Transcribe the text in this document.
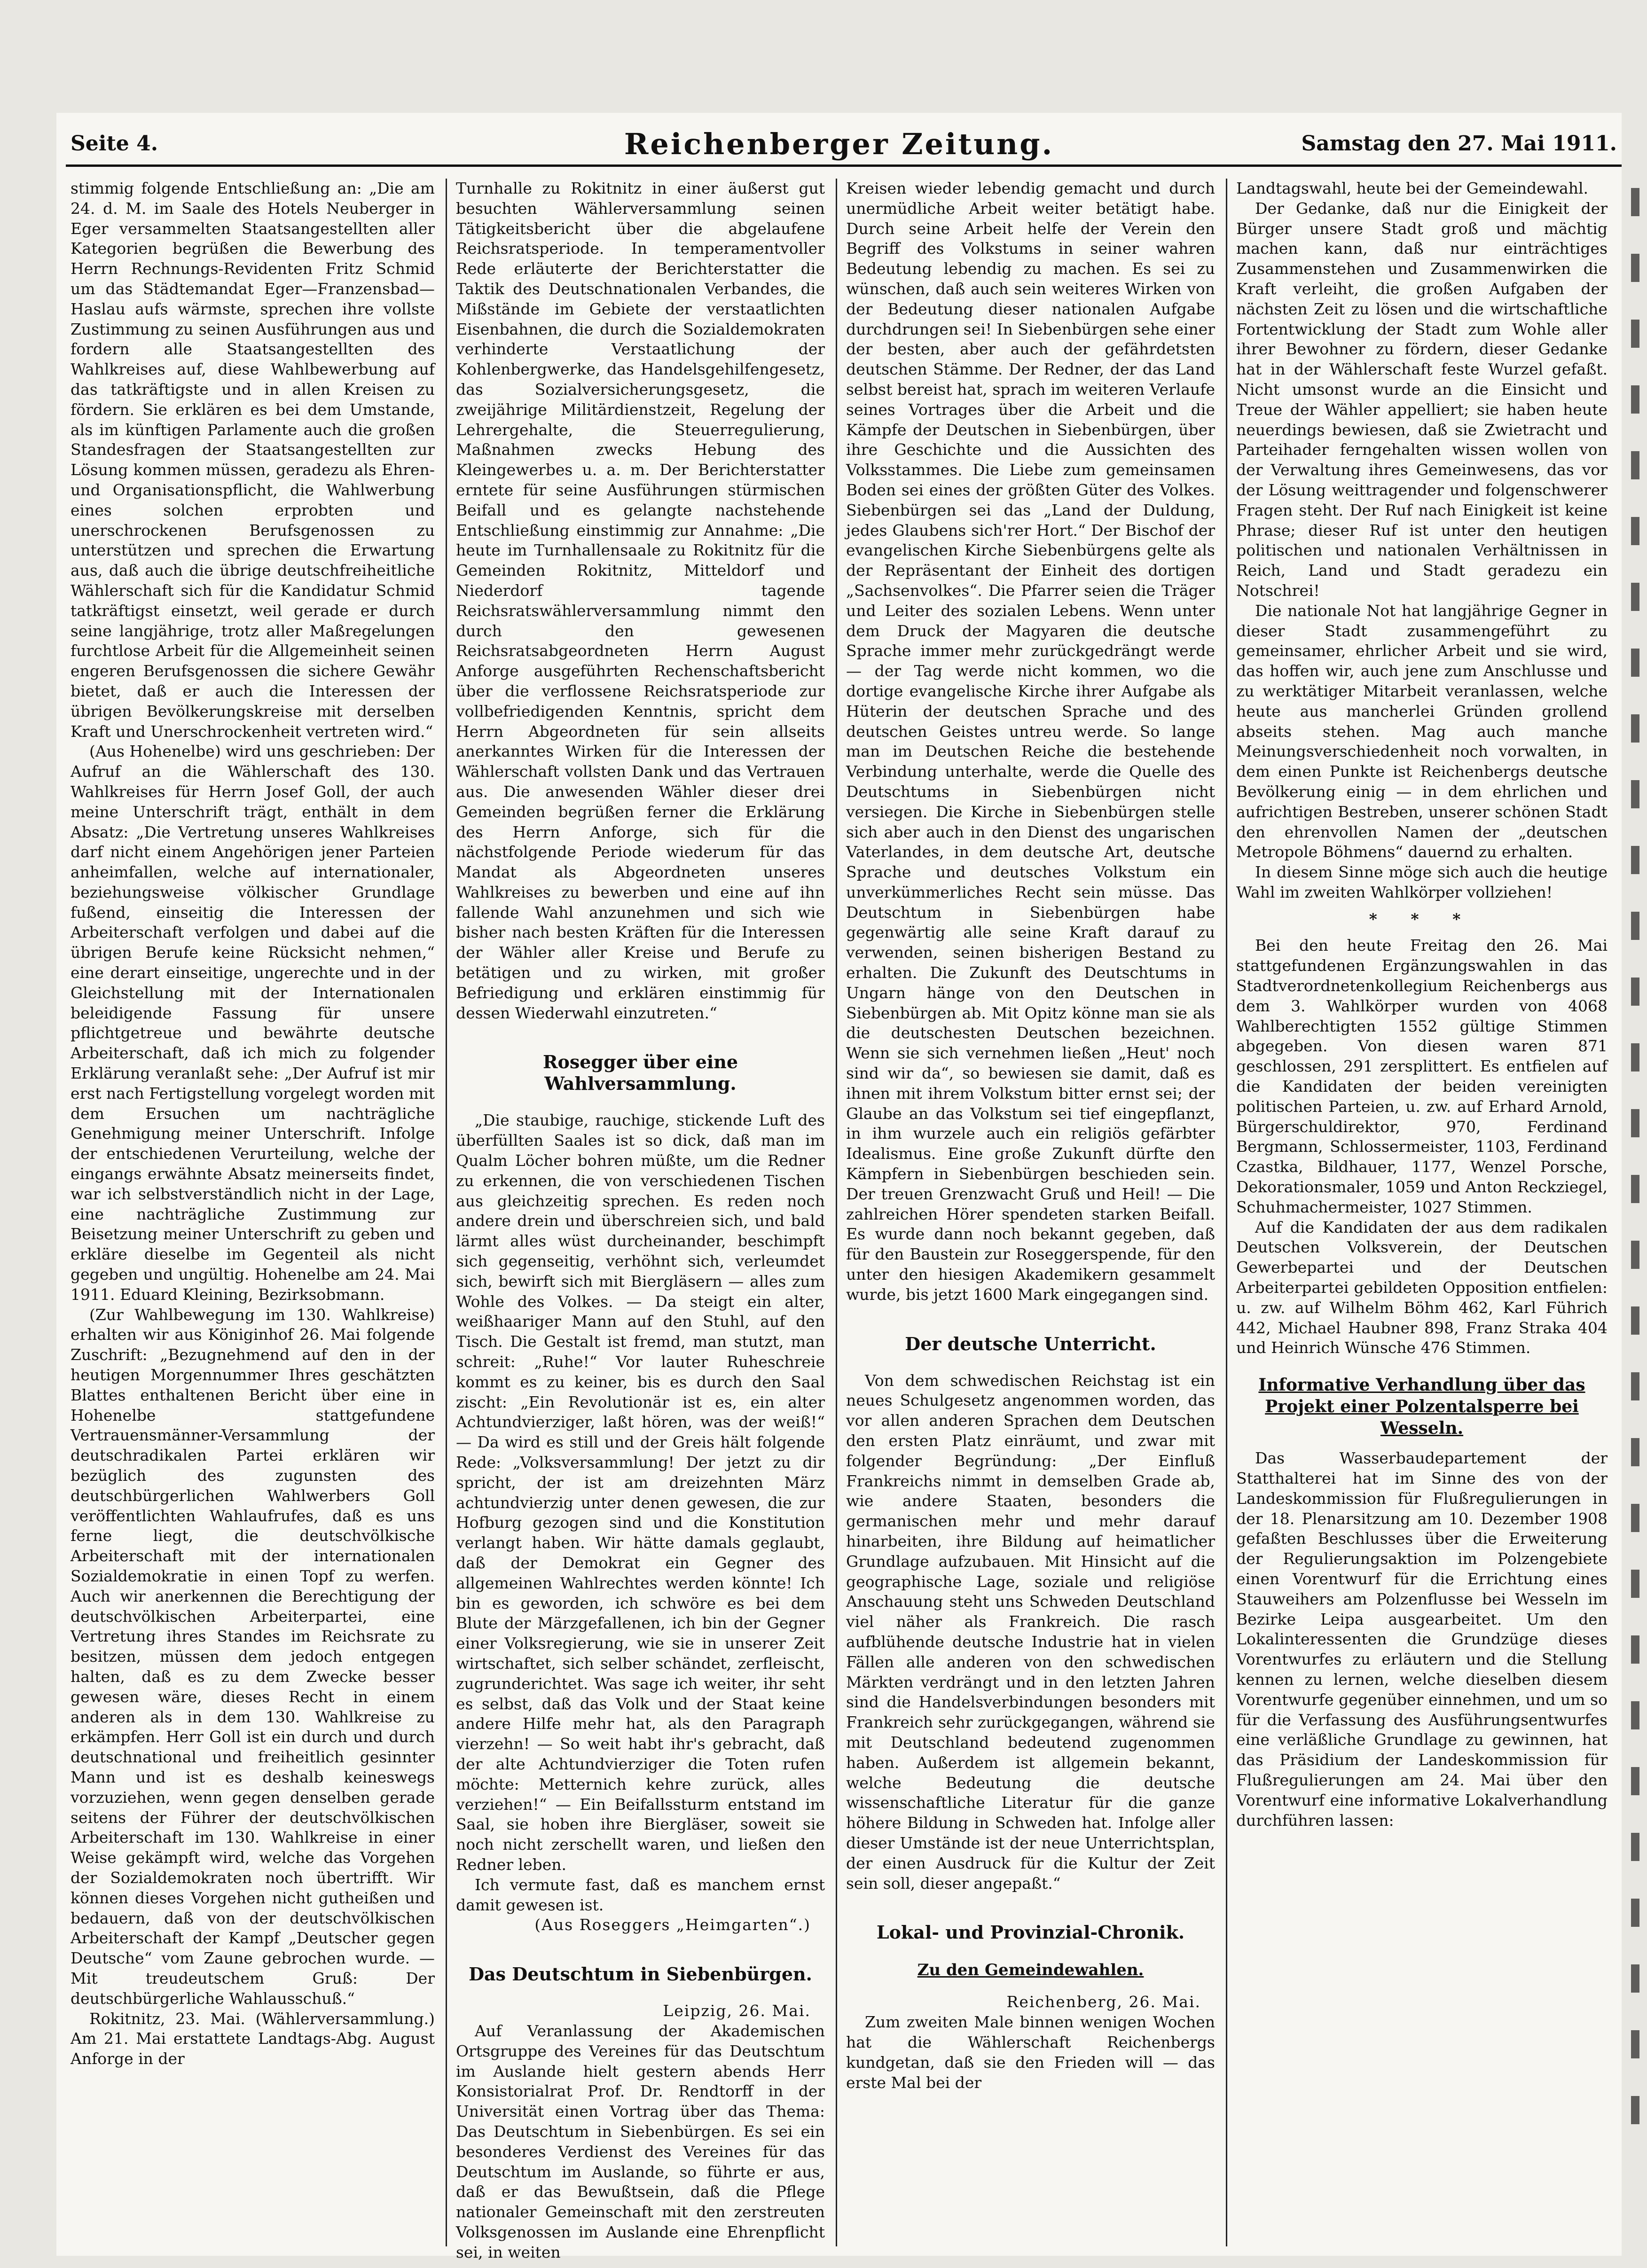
Seite 4.	Reichenberger Zeitung.	Samstag den 27. Mai 1911.

stimmig folgende Entschließung an: „Die am 24. d. M. im Saale des Hotels Neuberger in Eger versammelten Staatsangestellten aller Kategorien begrüßen die Bewerbung des Herrn Rechnungs-Revidenten Fritz Schmid um das Städtemandat Eger—Franzensbad—Haslau aufs wärmste, sprechen ihre vollste Zustimmung zu seinen Ausführungen aus und fordern alle Staatsangestellten des Wahlkreises auf, diese Wahlbewerbung auf das tatkräftigste und in allen Kreisen zu fördern. Sie erklären es bei dem Umstande, als im künftigen Parlamente auch die großen Standesfragen der Staatsangestellten zur Lösung kommen müssen, geradezu als Ehren- und Organisationspflicht, die Wahlwerbung eines solchen erprobten und unerschrockenen Berufsgenossen zu unterstützen und sprechen die Erwartung aus, daß auch die übrige deutschfreiheitliche Wählerschaft sich für die Kandidatur Schmid tatkräftigst einsetzt, weil gerade er durch seine langjährige, trotz aller Maßregelungen furchtlose Arbeit für die Allgemeinheit seinen engeren Berufsgenossen die sichere Gewähr bietet, daß er auch die Interessen der übrigen Bevölkerungskreise mit derselben Kraft und Unerschrockenheit vertreten wird.“

(Aus Hohenelbe) wird uns geschrieben: Der Aufruf an die Wählerschaft des 130. Wahlkreises für Herrn Josef Goll, der auch meine Unterschrift trägt, enthält in dem Absatz: „Die Vertretung unseres Wahlkreises darf nicht einem Angehörigen jener Parteien anheimfallen, welche auf internationaler, beziehungsweise völkischer Grundlage fußend, einseitig die Interessen der Arbeiterschaft verfolgen und dabei auf die übrigen Berufe keine Rücksicht nehmen,“ eine derart einseitige, ungerechte und in der Gleichstellung mit der Internationalen beleidigende Fassung für unsere pflichtgetreue und bewährte deutsche Arbeiterschaft, daß ich mich zu folgender Erklärung veranlaßt sehe: „Der Aufruf ist mir erst nach Fertigstellung vorgelegt worden mit dem Ersuchen um nachträgliche Genehmigung meiner Unterschrift. Infolge der entschiedenen Verurteilung, welche der eingangs erwähnte Absatz meinerseits findet, war ich selbstverständlich nicht in der Lage, eine nachträgliche Zustimmung zur Beisetzung meiner Unterschrift zu geben und erkläre dieselbe im Gegenteil als nicht gegeben und ungültig. Hohenelbe am 24. Mai 1911. Eduard Kleining, Bezirksobmann.

(Zur Wahlbewegung im 130. Wahlkreise) erhalten wir aus Königinhof 26. Mai folgende Zuschrift: „Bezugnehmend auf den in der heutigen Morgennummer Ihres geschätzten Blattes enthaltenen Bericht über eine in Hohenelbe stattgefundene Vertrauensmänner-Versammlung der deutschradikalen Partei erklären wir bezüglich des zugunsten des deutschbürgerlichen Wahlwerbers Goll veröffentlichten Wahlaufrufes, daß es uns ferne liegt, die deutschvölkische Arbeiterschaft mit der internationalen Sozialdemokratie in einen Topf zu werfen. Auch wir anerkennen die Berechtigung der deutschvölkischen Arbeiterpartei, eine Vertretung ihres Standes im Reichsrate zu besitzen, müssen dem jedoch entgegen halten, daß es zu dem Zwecke besser gewesen wäre, dieses Recht in einem anderen als in dem 130. Wahlkreise zu erkämpfen. Herr Goll ist ein durch und durch deutschnational und freiheitlich gesinnter Mann und ist es deshalb keineswegs vorzuziehen, wenn gegen denselben gerade seitens der Führer der deutschvölkischen Arbeiterschaft im 130. Wahlkreise in einer Weise gekämpft wird, welche das Vorgehen der Sozialdemokraten noch übertrifft. Wir können dieses Vorgehen nicht gutheißen und bedauern, daß von der deutschvölkischen Arbeiterschaft der Kampf „Deutscher gegen Deutsche“ vom Zaune gebrochen wurde. — Mit treudeutschem Gruß: Der deutschbürgerliche Wahlausschuß.“

Rokitnitz, 23. Mai. (Wählerversammlung.) Am 21. Mai erstattete Landtags-Abg. August Anforge in der

Turnhalle zu Rokitnitz in einer äußerst gut besuchten Wählerversammlung seinen Tätigkeitsbericht über die abgelaufene Reichsratsperiode. In temperamentvoller Rede erläuterte der Berichterstatter die Taktik des Deutschnationalen Verbandes, die Mißstände im Gebiete der verstaatlichten Eisenbahnen, die durch die Sozialdemokraten verhinderte Verstaatlichung der Kohlenbergwerke, das Handelsgehilfengesetz, das Sozialversicherungsgesetz, die zweijährige Militärdienstzeit, Regelung der Lehrergehalte, die Steuerregulierung, Maßnahmen zwecks Hebung des Kleingewerbes u. a. m. Der Berichterstatter erntete für seine Ausführungen stürmischen Beifall und es gelangte nachstehende Entschließung einstimmig zur Annahme: „Die heute im Turnhallensaale zu Rokitnitz für die Gemeinden Rokitnitz, Mitteldorf und Niederdorf tagende Reichsratswählerversammlung nimmt den durch den gewesenen Reichsratsabgeordneten Herrn August Anforge ausgeführten Rechenschaftsbericht über die verflossene Reichsratsperiode zur vollbefriedigenden Kenntnis, spricht dem Herrn Abgeordneten für sein allseits anerkanntes Wirken für die Interessen der Wählerschaft vollsten Dank und das Vertrauen aus. Die anwesenden Wähler dieser drei Gemeinden begrüßen ferner die Erklärung des Herrn Anforge, sich für die nächstfolgende Periode wiederum für das Mandat als Abgeordneten unseres Wahlkreises zu bewerben und eine auf ihn fallende Wahl anzunehmen und sich wie bisher nach besten Kräften für die Interessen der Wähler aller Kreise und Berufe zu betätigen und zu wirken, mit großer Befriedigung und erklären einstimmig für dessen Wiederwahl einzutreten.“

Rosegger über eine Wahlversammlung.

„Die staubige, rauchige, stickende Luft des überfüllten Saales ist so dick, daß man im Qualm Löcher bohren müßte, um die Redner zu erkennen, die von verschiedenen Tischen aus gleichzeitig sprechen. Es reden noch andere drein und überschreien sich, und bald lärmt alles wüst durcheinander, beschimpft sich gegenseitig, verhöhnt sich, verleumdet sich, bewirft sich mit Biergläsern — alles zum Wohle des Volkes. — Da steigt ein alter, weißhaariger Mann auf den Stuhl, auf den Tisch. Die Gestalt ist fremd, man stutzt, man schreit: „Ruhe!“ Vor lauter Ruheschreie kommt es zu keiner, bis es durch den Saal zischt: „Ein Revolutionär ist es, ein alter Achtundvierziger, laßt hören, was der weiß!“ — Da wird es still und der Greis hält folgende Rede: „Volksversammlung! Der jetzt zu dir spricht, der ist am dreizehnten März achtundvierzig unter denen gewesen, die zur Hofburg gezogen sind und die Konstitution verlangt haben. Wir hätte damals geglaubt, daß der Demokrat ein Gegner des allgemeinen Wahlrechtes werden könnte! Ich bin es geworden, ich schwöre es bei dem Blute der Märzgefallenen, ich bin der Gegner einer Volksregierung, wie sie in unserer Zeit wirtschaftet, sich selber schändet, zerfleischt, zugrunderichtet. Was sage ich weiter, ihr seht es selbst, daß das Volk und der Staat keine andere Hilfe mehr hat, als den Paragraph vierzehn! — So weit habt ihr's gebracht, daß der alte Achtundvierziger die Toten rufen möchte: Metternich kehre zurück, alles verziehen!“ — Ein Beifallssturm entstand im Saal, sie hoben ihre Biergläser, soweit sie noch nicht zerschellt waren, und ließen den Redner leben.

Ich vermute fast, daß es manchem ernst damit gewesen ist.

(Aus Roseggers „Heimgarten“.)

Das Deutschtum in Siebenbürgen.

Leipzig, 26. Mai.

Auf Veranlassung der Akademischen Ortsgruppe des Vereines für das Deutschtum im Auslande hielt gestern abends Herr Konsistorialrat Prof. Dr. Rendtorff in der Universität einen Vortrag über das Thema: Das Deutschtum in Siebenbürgen. Es sei ein besonderes Verdienst des Vereines für das Deutschtum im Auslande, so führte er aus, daß er das Bewußtsein, daß die Pflege nationaler Gemeinschaft mit den zerstreuten Volksgenossen im Auslande eine Ehrenpflicht sei, in weiten

Kreisen wieder lebendig gemacht und durch unermüdliche Arbeit weiter betätigt habe. Durch seine Arbeit helfe der Verein den Begriff des Volkstums in seiner wahren Bedeutung lebendig zu machen. Es sei zu wünschen, daß auch sein weiteres Wirken von der Bedeutung dieser nationalen Aufgabe durchdrungen sei! In Siebenbürgen sehe einer der besten, aber auch der gefährdetsten deutschen Stämme. Der Redner, der das Land selbst bereist hat, sprach im weiteren Verlaufe seines Vortrages über die Arbeit und die Kämpfe der Deutschen in Siebenbürgen, über ihre Geschichte und die Aussichten des Volksstammes. Die Liebe zum gemeinsamen Boden sei eines der größten Güter des Volkes. Siebenbürgen sei das „Land der Duldung, jedes Glaubens sich'rer Hort.“ Der Bischof der evangelischen Kirche Siebenbürgens gelte als der Repräsentant der Einheit des dortigen „Sachsenvolkes“. Die Pfarrer seien die Träger und Leiter des sozialen Lebens. Wenn unter dem Druck der Magyaren die deutsche Sprache immer mehr zurückgedrängt werde — der Tag werde nicht kommen, wo die dortige evangelische Kirche ihrer Aufgabe als Hüterin der deutschen Sprache und des deutschen Geistes untreu werde. So lange man im Deutschen Reiche die bestehende Verbindung unterhalte, werde die Quelle des Deutschtums in Siebenbürgen nicht versiegen. Die Kirche in Siebenbürgen stelle sich aber auch in den Dienst des ungarischen Vaterlandes, in dem deutsche Art, deutsche Sprache und deutsches Volkstum ein unverkümmerliches Recht sein müsse. Das Deutschtum in Siebenbürgen habe gegenwärtig alle seine Kraft darauf zu verwenden, seinen bisherigen Bestand zu erhalten. Die Zukunft des Deutschtums in Ungarn hänge von den Deutschen in Siebenbürgen ab. Mit Opitz könne man sie als die deutschesten Deutschen bezeichnen. Wenn sie sich vernehmen ließen „Heut' noch sind wir da“, so bewiesen sie damit, daß es ihnen mit ihrem Volkstum bitter ernst sei; der Glaube an das Volkstum sei tief eingepflanzt, in ihm wurzele auch ein religiös gefärbter Idealismus. Eine große Zukunft dürfte den Kämpfern in Siebenbürgen beschieden sein. Der treuen Grenzwacht Gruß und Heil! — Die zahlreichen Hörer spendeten starken Beifall. Es wurde dann noch bekannt gegeben, daß für den Baustein zur Roseggerspende, für den unter den hiesigen Akademikern gesammelt wurde, bis jetzt 1600 Mark eingegangen sind.

Der deutsche Unterricht.

Von dem schwedischen Reichstag ist ein neues Schulgesetz angenommen worden, das vor allen anderen Sprachen dem Deutschen den ersten Platz einräumt, und zwar mit folgender Begründung: „Der Einfluß Frankreichs nimmt in demselben Grade ab, wie andere Staaten, besonders die germanischen mehr und mehr darauf hinarbeiten, ihre Bildung auf heimatlicher Grundlage aufzubauen. Mit Hinsicht auf die geographische Lage, soziale und religiöse Anschauung steht uns Schweden Deutschland viel näher als Frankreich. Die rasch aufblühende deutsche Industrie hat in vielen Fällen alle anderen von den schwedischen Märkten verdrängt und in den letzten Jahren sind die Handelsverbindungen besonders mit Frankreich sehr zurückgegangen, während sie mit Deutschland bedeutend zugenommen haben. Außerdem ist allgemein bekannt, welche Bedeutung die deutsche wissenschaftliche Literatur für die ganze höhere Bildung in Schweden hat. Infolge aller dieser Umstände ist der neue Unterrichtsplan, der einen Ausdruck für die Kultur der Zeit sein soll, dieser angepaßt.“

Lokal- und Provinzial-Chronik.
Zu den Gemeindewahlen.

Reichenberg, 26. Mai.

Zum zweiten Male binnen wenigen Wochen hat die Wählerschaft Reichenbergs kundgetan, daß sie den Frieden will — das erste Mal bei der

Landtagswahl, heute bei der Gemeindewahl.

Der Gedanke, daß nur die Einigkeit der Bürger unsere Stadt groß und mächtig machen kann, daß nur einträchtiges Zusammenstehen und Zusammenwirken die Kraft verleiht, die großen Aufgaben der nächsten Zeit zu lösen und die wirtschaftliche Fortentwicklung der Stadt zum Wohle aller ihrer Bewohner zu fördern, dieser Gedanke hat in der Wählerschaft feste Wurzel gefaßt. Nicht umsonst wurde an die Einsicht und Treue der Wähler appelliert; sie haben heute neuerdings bewiesen, daß sie Zwietracht und Parteihader ferngehalten wissen wollen von der Verwaltung ihres Gemeinwesens, das vor der Lösung weittragender und folgenschwerer Fragen steht. Der Ruf nach Einigkeit ist keine Phrase; dieser Ruf ist unter den heutigen politischen und nationalen Verhältnissen in Reich, Land und Stadt geradezu ein Notschrei!

Die nationale Not hat langjährige Gegner in dieser Stadt zusammengeführt zu gemeinsamer, ehrlicher Arbeit und sie wird, das hoffen wir, auch jene zum Anschlusse und zu werktätiger Mitarbeit veranlassen, welche heute aus mancherlei Gründen grollend abseits stehen. Mag auch manche Meinungsverschiedenheit noch vorwalten, in dem einen Punkte ist Reichenbergs deutsche Bevölkerung einig — in dem ehrlichen und aufrichtigen Bestreben, unserer schönen Stadt den ehrenvollen Namen der „deutschen Metropole Böhmens“ dauernd zu erhalten.

In diesem Sinne möge sich auch die heutige Wahl im zweiten Wahlkörper vollziehen!

* * *

Bei den heute Freitag den 26. Mai stattgefundenen Ergänzungswahlen in das Stadtverordnetenkollegium Reichenbergs aus dem 3. Wahlkörper wurden von 4068 Wahlberechtigten 1552 gültige Stimmen abgegeben. Von diesen waren 871 geschlossen, 291 zersplittert. Es entfielen auf die Kandidaten der beiden vereinigten politischen Parteien, u. zw. auf Erhard Arnold, Bürgerschuldirektor, 970, Ferdinand Bergmann, Schlossermeister, 1103, Ferdinand Czastka, Bildhauer, 1177, Wenzel Porsche, Dekorationsmaler, 1059 und Anton Reckziegel, Schuhmachermeister, 1027 Stimmen.

Auf die Kandidaten der aus dem radikalen Deutschen Volksverein, der Deutschen Gewerbepartei und der Deutschen Arbeiterpartei gebildeten Opposition entfielen: u. zw. auf Wilhelm Böhm 462, Karl Führich 442, Michael Haubner 898, Franz Straka 404 und Heinrich Wünsche 476 Stimmen.

Informative Verhandlung über das Projekt einer Polzentalsperre bei Wesseln.

Das Wasserbaudepartement der Statthalterei hat im Sinne des von der Landeskommission für Flußregulierungen in der 18. Plenarsitzung am 10. Dezember 1908 gefaßten Beschlusses über die Erweiterung der Regulierungsaktion im Polzengebiete einen Vorentwurf für die Errichtung eines Stauweihers am Polzenflusse bei Wesseln im Bezirke Leipa ausgearbeitet. Um den Lokalinteressenten die Grundzüge dieses Vorentwurfes zu erläutern und die Stellung kennen zu lernen, welche dieselben diesem Vorentwurfe gegenüber einnehmen, und um so für die Verfassung des Ausführungsentwurfes eine verläßliche Grundlage zu gewinnen, hat das Präsidium der Landeskommission für Flußregulierungen am 24. Mai über den Vorentwurf eine informative Lokalverhandlung durchführen lassen:
